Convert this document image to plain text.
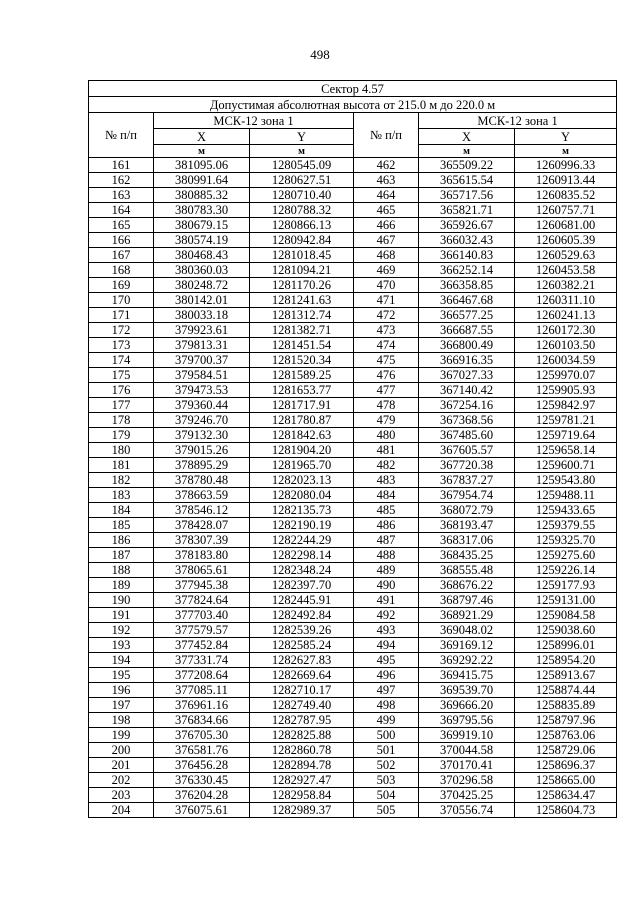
498
Сектор 4.57					
Допустимая абсолютная высота от 215.0 м до 220.0 м					
№ п/п	МСК-12 зона 1		№ п/п	МСК-12 зона 1	
	X	Y		X	Y
	м	м		м	м
161	381095.06	1280545.09	462	365509.22	1260996.33
162	380991.64	1280627.51	463	365615.54	1260913.44
163	380885.32	1280710.40	464	365717.56	1260835.52
164	380783.30	1280788.32	465	365821.71	1260757.71
165	380679.15	1280866.13	466	365926.67	1260681.00
166	380574.19	1280942.84	467	366032.43	1260605.39
167	380468.43	1281018.45	468	366140.83	1260529.63
168	380360.03	1281094.21	469	366252.14	1260453.58
169	380248.72	1281170.26	470	366358.85	1260382.21
170	380142.01	1281241.63	471	366467.68	1260311.10
171	380033.18	1281312.74	472	366577.25	1260241.13
172	379923.61	1281382.71	473	366687.55	1260172.30
173	379813.31	1281451.54	474	366800.49	1260103.50
174	379700.37	1281520.34	475	366916.35	1260034.59
175	379584.51	1281589.25	476	367027.33	1259970.07
176	379473.53	1281653.77	477	367140.42	1259905.93
177	379360.44	1281717.91	478	367254.16	1259842.97
178	379246.70	1281780.87	479	367368.56	1259781.21
179	379132.30	1281842.63	480	367485.60	1259719.64
180	379015.26	1281904.20	481	367605.57	1259658.14
181	378895.29	1281965.70	482	367720.38	1259600.71
182	378780.48	1282023.13	483	367837.27	1259543.80
183	378663.59	1282080.04	484	367954.74	1259488.11
184	378546.12	1282135.73	485	368072.79	1259433.65
185	378428.07	1282190.19	486	368193.47	1259379.55
186	378307.39	1282244.29	487	368317.06	1259325.70
187	378183.80	1282298.14	488	368435.25	1259275.60
188	378065.61	1282348.24	489	368555.48	1259226.14
189	377945.38	1282397.70	490	368676.22	1259177.93
190	377824.64	1282445.91	491	368797.46	1259131.00
191	377703.40	1282492.84	492	368921.29	1259084.58
192	377579.57	1282539.26	493	369048.02	1259038.60
193	377452.84	1282585.24	494	369169.12	1258996.01
194	377331.74	1282627.83	495	369292.22	1258954.20
195	377208.64	1282669.64	496	369415.75	1258913.67
196	377085.11	1282710.17	497	369539.70	1258874.44
197	376961.16	1282749.40	498	369666.20	1258835.89
198	376834.66	1282787.95	499	369795.56	1258797.96
199	376705.30	1282825.88	500	369919.10	1258763.06
200	376581.76	1282860.78	501	370044.58	1258729.06
201	376456.28	1282894.78	502	370170.41	1258696.37
202	376330.45	1282927.47	503	370296.58	1258665.00
203	376204.28	1282958.84	504	370425.25	1258634.47
204	376075.61	1282989.37	505	370556.74	1258604.73
